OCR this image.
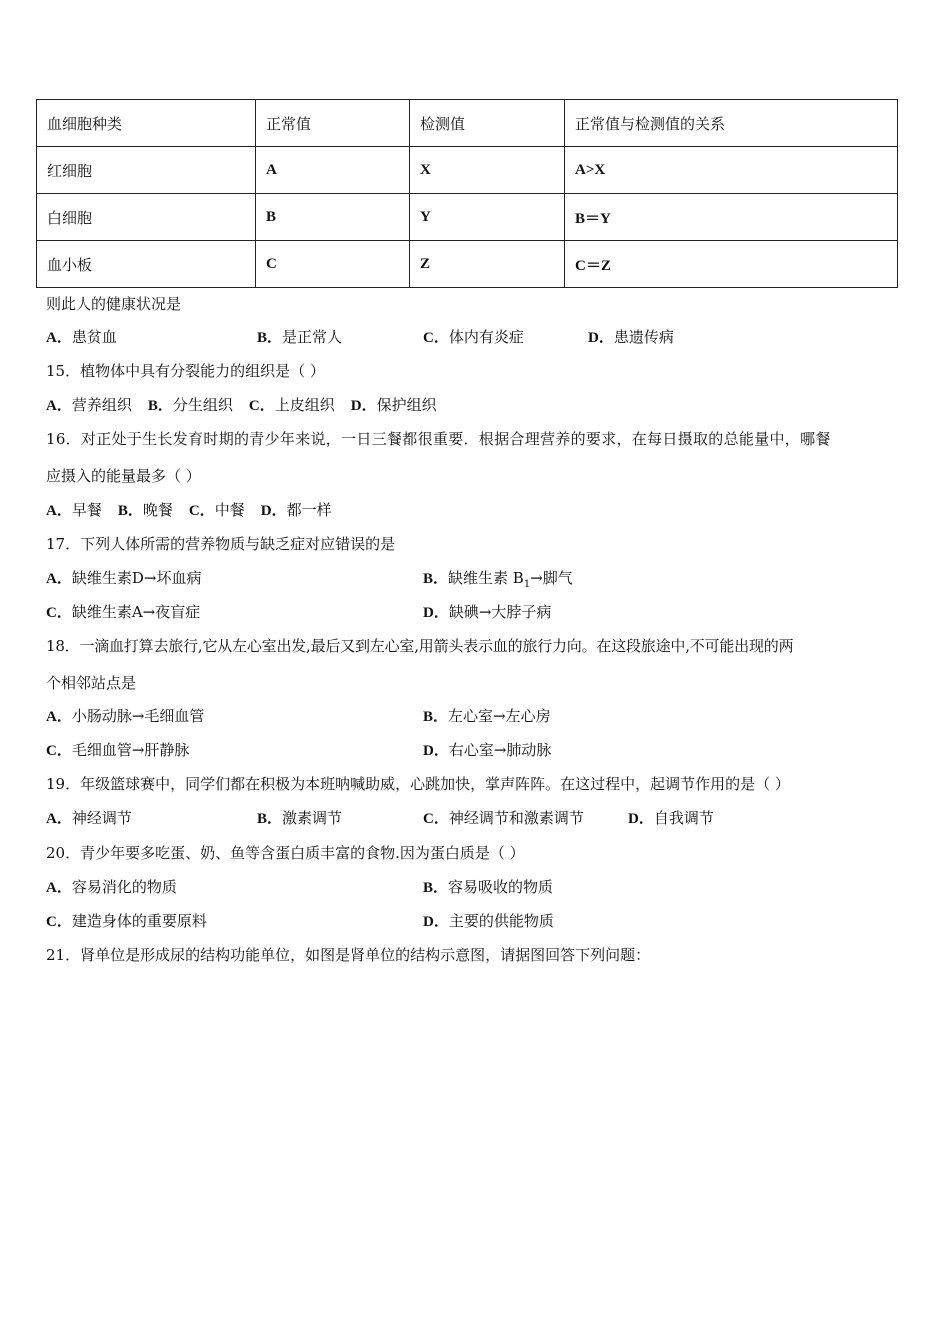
血细胞种类	正常值	检测值	正常值与检测值的关系
红细胞	A	X	A>X
白细胞	B	Y	B＝Y
血小板	C	Z	C＝Z
则此人的健康状况是
A．患贫血	B．是正常人	C．体内有炎症	D．患遗传病
15．植物体中具有分裂能力的组织是（ ）
A．营养组织 B．分生组织 C．上皮组织 D．保护组织
16．对正处于生长发育时期的青少年来说，一日三餐都很重要．根据合理营养的要求，在每日摄取的总能量中，哪餐
应摄入的能量最多（ ）
A．早餐 B．晚餐 C．中餐 D．都一样
17．下列人体所需的营养物质与缺乏症对应错误的是
A．缺维生素D→坏血病	B．缺维生素 $B_1\to$脚气
C．缺维生素A→夜盲症	D．缺碘→大脖子病
18．一滴血打算去旅行,它从左心室出发,最后又到左心室,用箭头表示血的旅行力向。在这段旅途中,不可能出现的两
个相邻站点是
A．小肠动脉→毛细血管	B．左心室→左心房
C．毛细血管→肝静脉	D．右心室→肺动脉
19．年级篮球赛中，同学们都在积极为本班呐喊助威，心跳加快，掌声阵阵。在这过程中，起调节作用的是（ ）
A．神经调节	B．激素调节	C．神经调节和激素调节	D．自我调节
20．青少年要多吃蛋、奶、鱼等含蛋白质丰富的食物.因为蛋白质是（ ）
A．容易消化的物质	B．容易吸收的物质
C．建造身体的重要原料	D．主要的供能物质
21．肾单位是形成尿的结构功能单位，如图是肾单位的结构示意图，请据图回答下列问题：
